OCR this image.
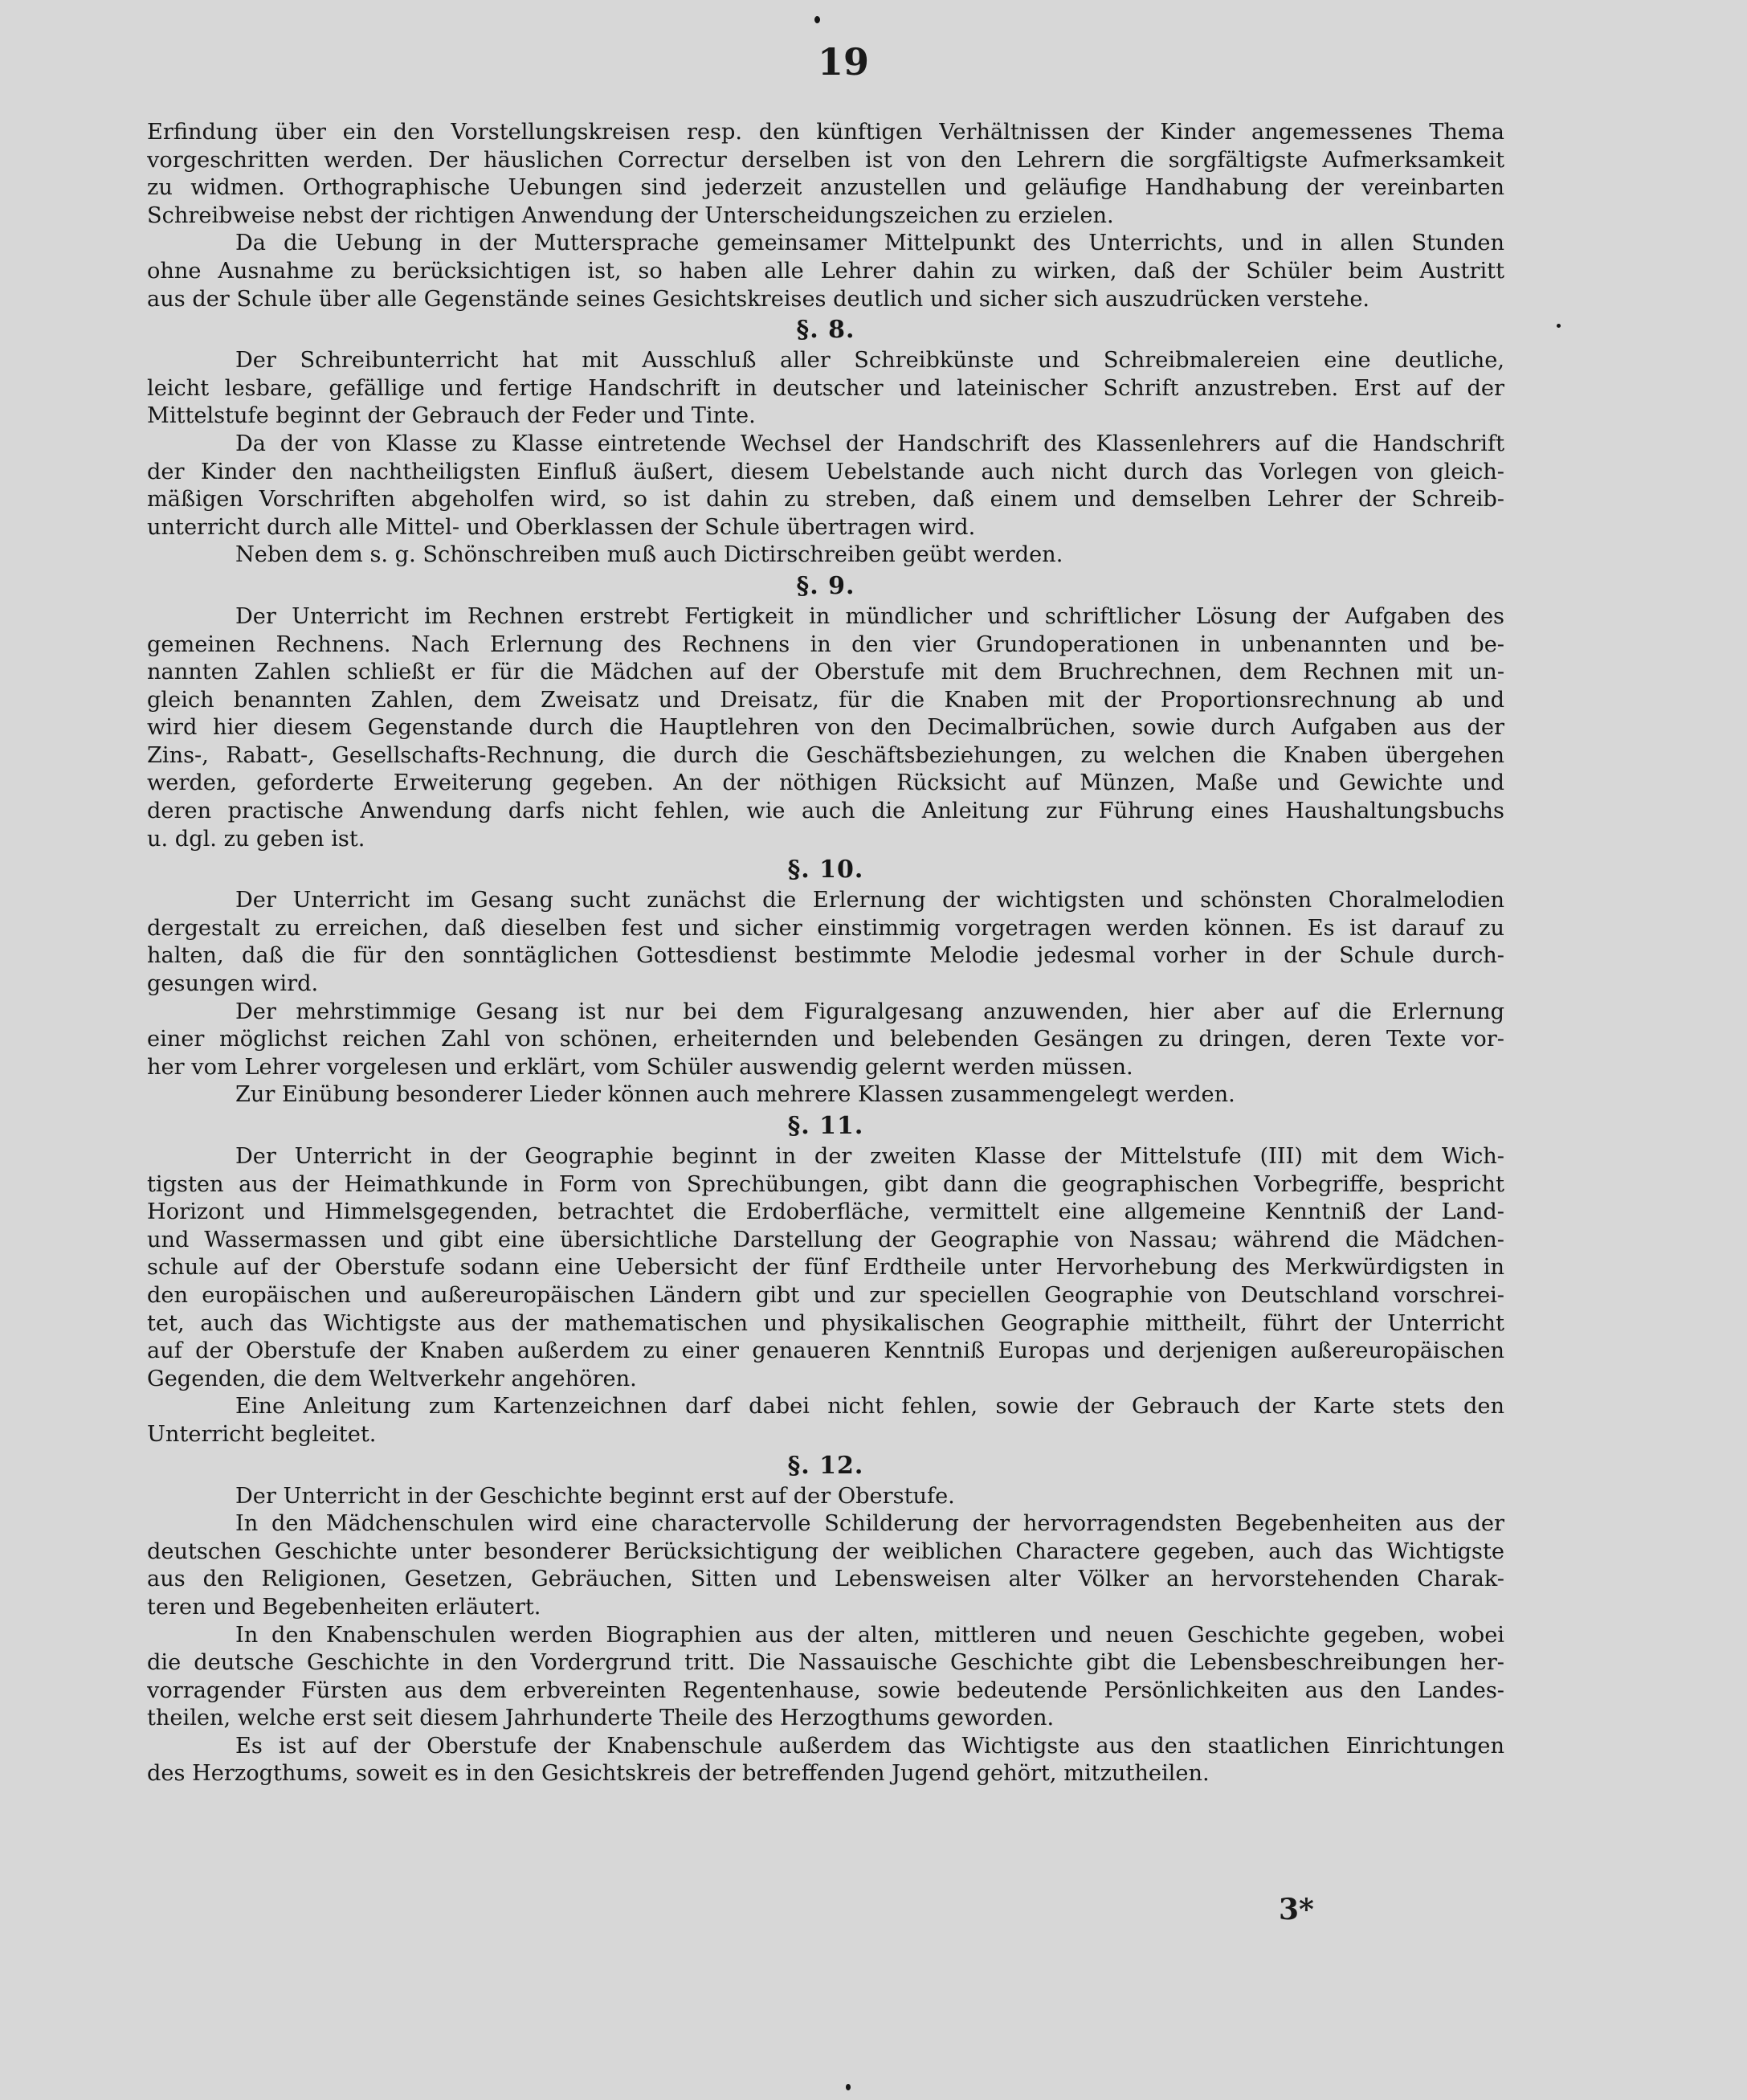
19
Erfindung über ein den Vorstellungskreisen resp. den künftigen Verhältnissen der Kinder angemessenes Thema
vorgeschritten werden. Der häuslichen Correctur derselben ist von den Lehrern die sorgfältigste Aufmerksamkeit
zu widmen. Orthographische Uebungen sind jederzeit anzustellen und geläufige Handhabung der vereinbarten
Schreibweise nebst der richtigen Anwendung der Unterscheidungszeichen zu erzielen.
Da die Uebung in der Muttersprache gemeinsamer Mittelpunkt des Unterrichts, und in allen Stunden
ohne Ausnahme zu berücksichtigen ist, so haben alle Lehrer dahin zu wirken, daß der Schüler beim Austritt
aus der Schule über alle Gegenstände seines Gesichtskreises deutlich und sicher sich auszudrücken verstehe.
§. 8.
Der Schreibunterricht hat mit Ausschluß aller Schreibkünste und Schreibmalereien eine deutliche,
leicht lesbare, gefällige und fertige Handschrift in deutscher und lateinischer Schrift anzustreben. Erst auf der
Mittelstufe beginnt der Gebrauch der Feder und Tinte.
Da der von Klasse zu Klasse eintretende Wechsel der Handschrift des Klassenlehrers auf die Handschrift
der Kinder den nachtheiligsten Einfluß äußert, diesem Uebelstande auch nicht durch das Vorlegen von gleich-
mäßigen Vorschriften abgeholfen wird, so ist dahin zu streben, daß einem und demselben Lehrer der Schreib-
unterricht durch alle Mittel- und Oberklassen der Schule übertragen wird.
Neben dem s. g. Schönschreiben muß auch Dictirschreiben geübt werden.
§. 9.
Der Unterricht im Rechnen erstrebt Fertigkeit in mündlicher und schriftlicher Lösung der Aufgaben des
gemeinen Rechnens. Nach Erlernung des Rechnens in den vier Grundoperationen in unbenannten und be-
nannten Zahlen schließt er für die Mädchen auf der Oberstufe mit dem Bruchrechnen, dem Rechnen mit un-
gleich benannten Zahlen, dem Zweisatz und Dreisatz, für die Knaben mit der Proportionsrechnung ab und
wird hier diesem Gegenstande durch die Hauptlehren von den Decimalbrüchen, sowie durch Aufgaben aus der
Zins-, Rabatt-, Gesellschafts-Rechnung, die durch die Geschäftsbeziehungen, zu welchen die Knaben übergehen
werden, geforderte Erweiterung gegeben. An der nöthigen Rücksicht auf Münzen, Maße und Gewichte und
deren practische Anwendung darfs nicht fehlen, wie auch die Anleitung zur Führung eines Haushaltungsbuchs
u. dgl. zu geben ist.
§. 10.
Der Unterricht im Gesang sucht zunächst die Erlernung der wichtigsten und schönsten Choralmelodien
dergestalt zu erreichen, daß dieselben fest und sicher einstimmig vorgetragen werden können. Es ist darauf zu
halten, daß die für den sonntäglichen Gottesdienst bestimmte Melodie jedesmal vorher in der Schule durch-
gesungen wird.
Der mehrstimmige Gesang ist nur bei dem Figuralgesang anzuwenden, hier aber auf die Erlernung
einer möglichst reichen Zahl von schönen, erheiternden und belebenden Gesängen zu dringen, deren Texte vor-
her vom Lehrer vorgelesen und erklärt, vom Schüler auswendig gelernt werden müssen.
Zur Einübung besonderer Lieder können auch mehrere Klassen zusammengelegt werden.
§. 11.
Der Unterricht in der Geographie beginnt in der zweiten Klasse der Mittelstufe (III) mit dem Wich-
tigsten aus der Heimathkunde in Form von Sprechübungen, gibt dann die geographischen Vorbegriffe, bespricht
Horizont und Himmelsgegenden, betrachtet die Erdoberfläche, vermittelt eine allgemeine Kenntniß der Land-
und Wassermassen und gibt eine übersichtliche Darstellung der Geographie von Nassau; während die Mädchen-
schule auf der Oberstufe sodann eine Uebersicht der fünf Erdtheile unter Hervorhebung des Merkwürdigsten in
den europäischen und außereuropäischen Ländern gibt und zur speciellen Geographie von Deutschland vorschrei-
tet, auch das Wichtigste aus der mathematischen und physikalischen Geographie mittheilt, führt der Unterricht
auf der Oberstufe der Knaben außerdem zu einer genaueren Kenntniß Europas und derjenigen außereuropäischen
Gegenden, die dem Weltverkehr angehören.
Eine Anleitung zum Kartenzeichnen darf dabei nicht fehlen, sowie der Gebrauch der Karte stets den
Unterricht begleitet.
§. 12.
Der Unterricht in der Geschichte beginnt erst auf der Oberstufe.
In den Mädchenschulen wird eine charactervolle Schilderung der hervorragendsten Begebenheiten aus der
deutschen Geschichte unter besonderer Berücksichtigung der weiblichen Charactere gegeben, auch das Wichtigste
aus den Religionen, Gesetzen, Gebräuchen, Sitten und Lebensweisen alter Völker an hervorstehenden Charak-
teren und Begebenheiten erläutert.
In den Knabenschulen werden Biographien aus der alten, mittleren und neuen Geschichte gegeben, wobei
die deutsche Geschichte in den Vordergrund tritt. Die Nassauische Geschichte gibt die Lebensbeschreibungen her-
vorragender Fürsten aus dem erbvereinten Regentenhause, sowie bedeutende Persönlichkeiten aus den Landes-
theilen, welche erst seit diesem Jahrhunderte Theile des Herzogthums geworden.
Es ist auf der Oberstufe der Knabenschule außerdem das Wichtigste aus den staatlichen Einrichtungen
des Herzogthums, soweit es in den Gesichtskreis der betreffenden Jugend gehört, mitzutheilen.
3*
